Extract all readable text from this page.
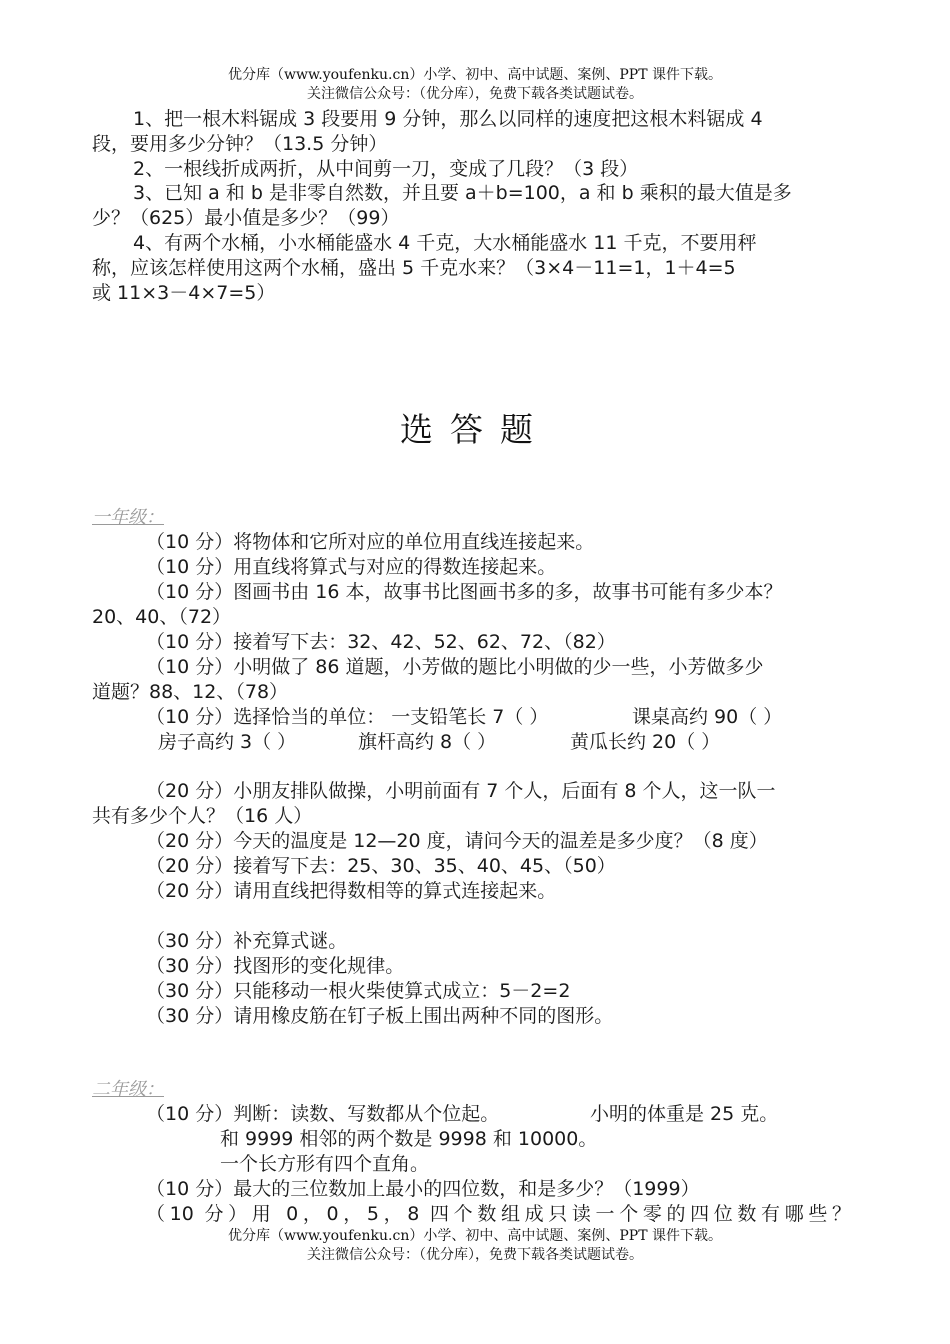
优分库（www.youfenku.cn）小学、初中、高中试题、案例、PPT 课件下载。
关注微信公众号：（优分库），免费下载各类试题试卷。
1、把一根木料锯成 3 段要用 9 分钟，那么以同样的速度把这根木料锯成 4
段，要用多少分钟？（13.5 分钟）
2、一根线折成两折，从中间剪一刀，变成了几段？（3 段）
3、已知 a 和 b 是非零自然数，并且要 a＋b=100，a 和 b 乘积的最大值是多
少？（625）最小值是多少？（99）
4、有两个水桶，小水桶能盛水 4 千克，大水桶能盛水 11 千克，不要用秤
称，应该怎样使用这两个水桶，盛出 5 千克水来？（3×4－11=1，1＋4=5
或 11×3－4×7=5）
选答题
一年级：
（10 分）将物体和它所对应的单位用直线连接起来。
（10 分）用直线将算式与对应的得数连接起来。
（10 分）图画书由 16 本，故事书比图画书多的多，故事书可能有多少本？
20、40、（72）
（10 分）接着写下去：32、42、52、62、72、（82）
（10 分）小明做了 86 道题，小芳做的题比小明做的少一些，小芳做多少
道题？88、12、（78）
（10 分）选择恰当的单位： 一支铅笔长 7（ ）	课桌高约 90（ ）
房子高约 3（ ）	旗杆高约 8（ ）	黄瓜长约 20（ ）
（20 分）小朋友排队做操，小明前面有 7 个人，后面有 8 个人，这一队一
共有多少个人？（16 人）
（20 分）今天的温度是 12—20 度，请问今天的温差是多少度？（8 度）
（20 分）接着写下去：25、30、35、40、45、（50）
（20 分）请用直线把得数相等的算式连接起来。
（30 分）补充算式谜。
（30 分）找图形的变化规律。
（30 分）只能移动一根火柴使算式成立：5－2=2
（30 分）请用橡皮筋在钉子板上围出两种不同的图形。
二年级：
（10 分）判断：读数、写数都从个位起。	小明的体重是 25 克。
和 9999 相邻的两个数是 9998 和 10000。
一个长方形有四个直角。
（10 分）最大的三位数加上最小的四位数，和是多少？（1999）
（10 分）用 0，0，5，8 四个数组成只读一个零的四位数有哪些？
优分库（www.youfenku.cn）小学、初中、高中试题、案例、PPT 课件下载。
关注微信公众号：（优分库），免费下载各类试题试卷。
